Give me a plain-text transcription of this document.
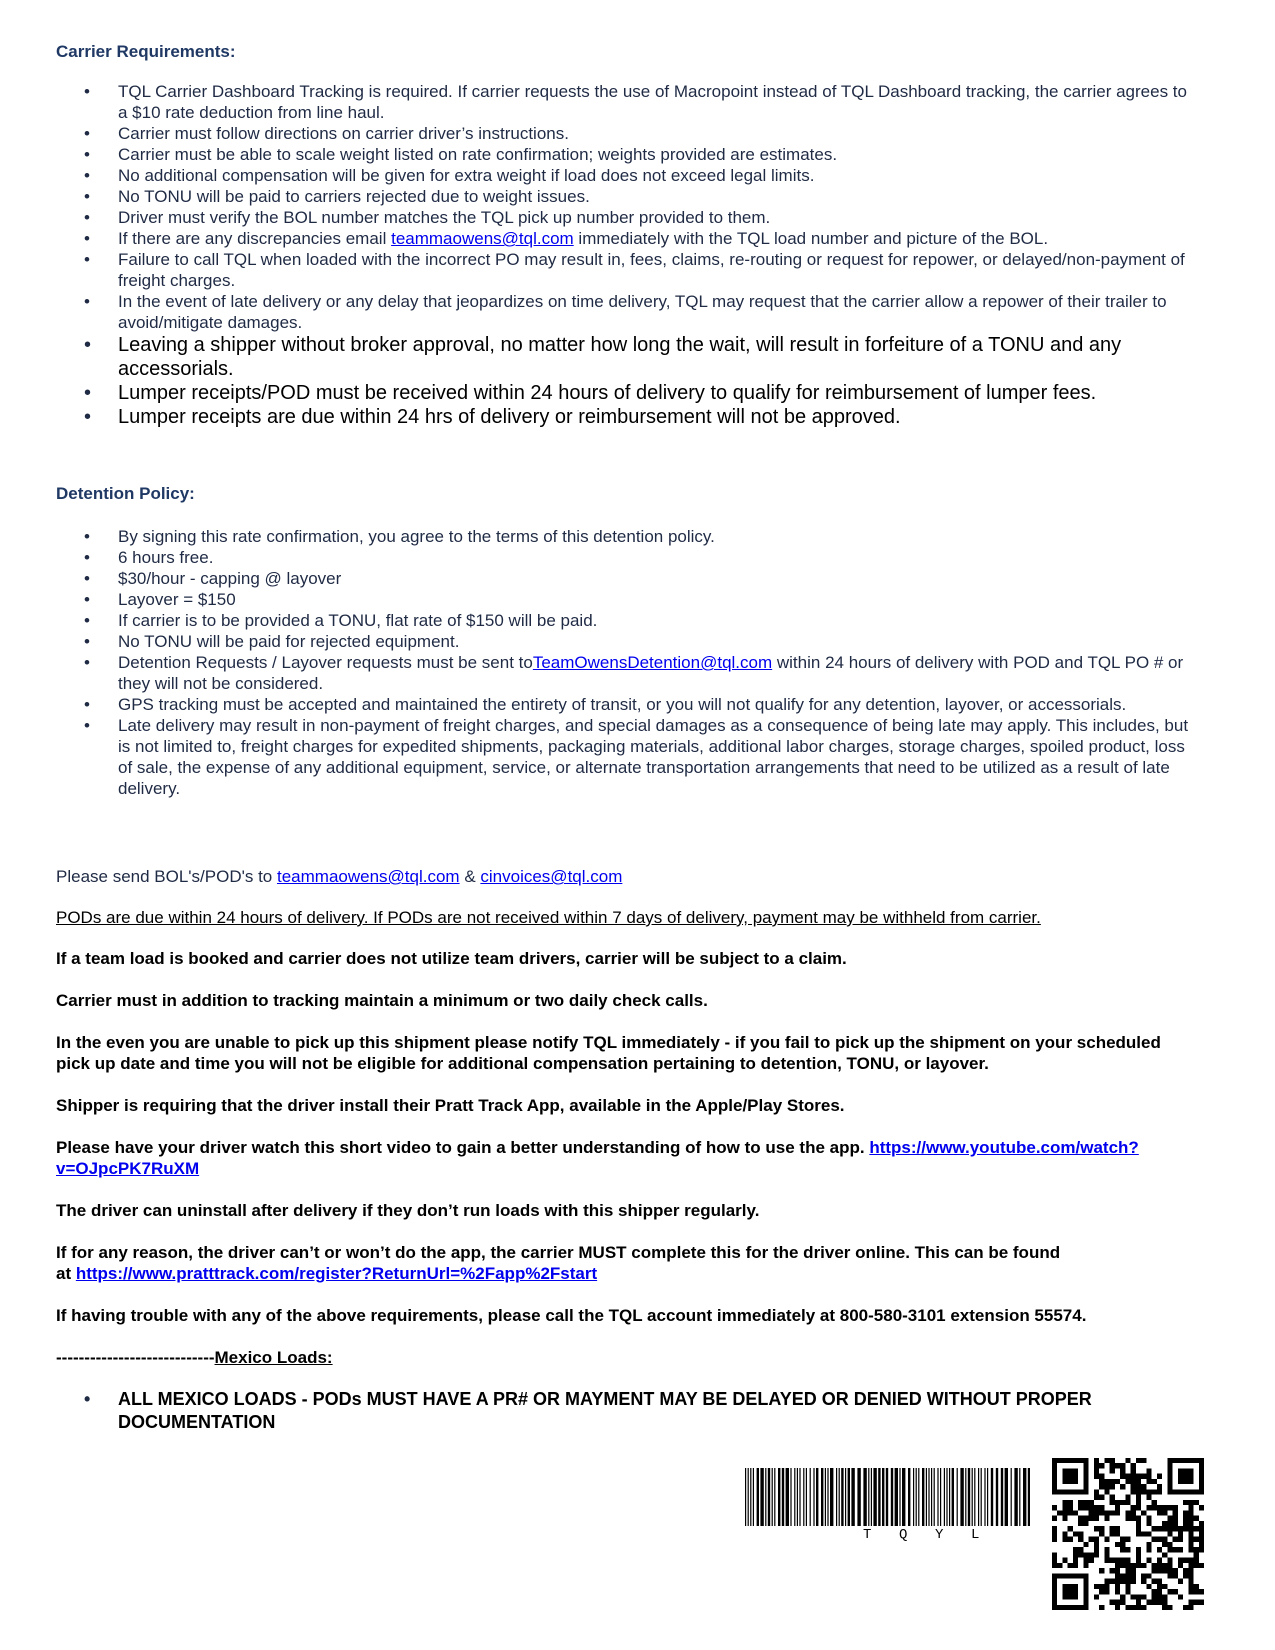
Carrier Requirements:
• TQL Carrier Dashboard Tracking is required. If carrier requests the use of Macropoint instead of TQL Dashboard tracking, the carrier agrees to a $10 rate deduction from line haul.
• Carrier must follow directions on carrier driver’s instructions.
• Carrier must be able to scale weight listed on rate confirmation; weights provided are estimates.
• No additional compensation will be given for extra weight if load does not exceed legal limits.
• No TONU will be paid to carriers rejected due to weight issues.
• Driver must verify the BOL number matches the TQL pick up number provided to them.
• If there are any discrepancies email teammaowens@tql.com immediately with the TQL load number and picture of the BOL.
• Failure to call TQL when loaded with the incorrect PO may result in, fees, claims, re-routing or request for repower, or delayed/non-payment of freight charges.
• In the event of late delivery or any delay that jeopardizes on time delivery, TQL may request that the carrier allow a repower of their trailer to avoid/mitigate damages.
• Leaving a shipper without broker approval, no matter how long the wait, will result in forfeiture of a TONU and any accessorials.
• Lumper receipts/POD must be received within 24 hours of delivery to qualify for reimbursement of lumper fees.
• Lumper receipts are due within 24 hrs of delivery or reimbursement will not be approved.
Detention Policy:
• By signing this rate confirmation, you agree to the terms of this detention policy.
• 6 hours free.
• $30/hour - capping @ layover
• Layover = $150
• If carrier is to be provided a TONU, flat rate of $150 will be paid.
• No TONU will be paid for rejected equipment.
• Detention Requests / Layover requests must be sent toTeamOwensDetention@tql.com within 24 hours of delivery with POD and TQL PO # or they will not be considered.
• GPS tracking must be accepted and maintained the entirety of transit, or you will not qualify for any detention, layover, or accessorials.
• Late delivery may result in non-payment of freight charges, and special damages as a consequence of being late may apply. This includes, but is not limited to, freight charges for expedited shipments, packaging materials, additional labor charges, storage charges, spoiled product, loss of sale, the expense of any additional equipment, service, or alternate transportation arrangements that need to be utilized as a result of late delivery.
Please send BOL's/POD's to teammaowens@tql.com & cinvoices@tql.com
PODs are due within 24 hours of delivery. If PODs are not received within 7 days of delivery, payment may be withheld from carrier.
If a team load is booked and carrier does not utilize team drivers, carrier will be subject to a claim.
Carrier must in addition to tracking maintain a minimum or two daily check calls.
In the even you are unable to pick up this shipment please notify TQL immediately - if you fail to pick up the shipment on your scheduled pick up date and time you will not be eligible for additional compensation pertaining to detention, TONU, or layover.
Shipper is requiring that the driver install their Pratt Track App, available in the Apple/Play Stores.
Please have your driver watch this short video to gain a better understanding of how to use the app. https://www.youtube.com/watch?
v=OJpcPK7RuXM
The driver can uninstall after delivery if they don’t run loads with this shipper regularly.
If for any reason, the driver can’t or won’t do the app, the carrier MUST complete this for the driver online. This can be found
at https://www.pratttrack.com/register?ReturnUrl=%2Fapp%2Fstart
If having trouble with any of the above requirements, please call the TQL account immediately at 800-580-3101 extension 55574.
----------------------------Mexico Loads:
• ALL MEXICO LOADS - PODs MUST HAVE A PR# OR MAYMENT MAY BE DELAYED OR DENIED WITHOUT PROPER DOCUMENTATION
T Q Y L
